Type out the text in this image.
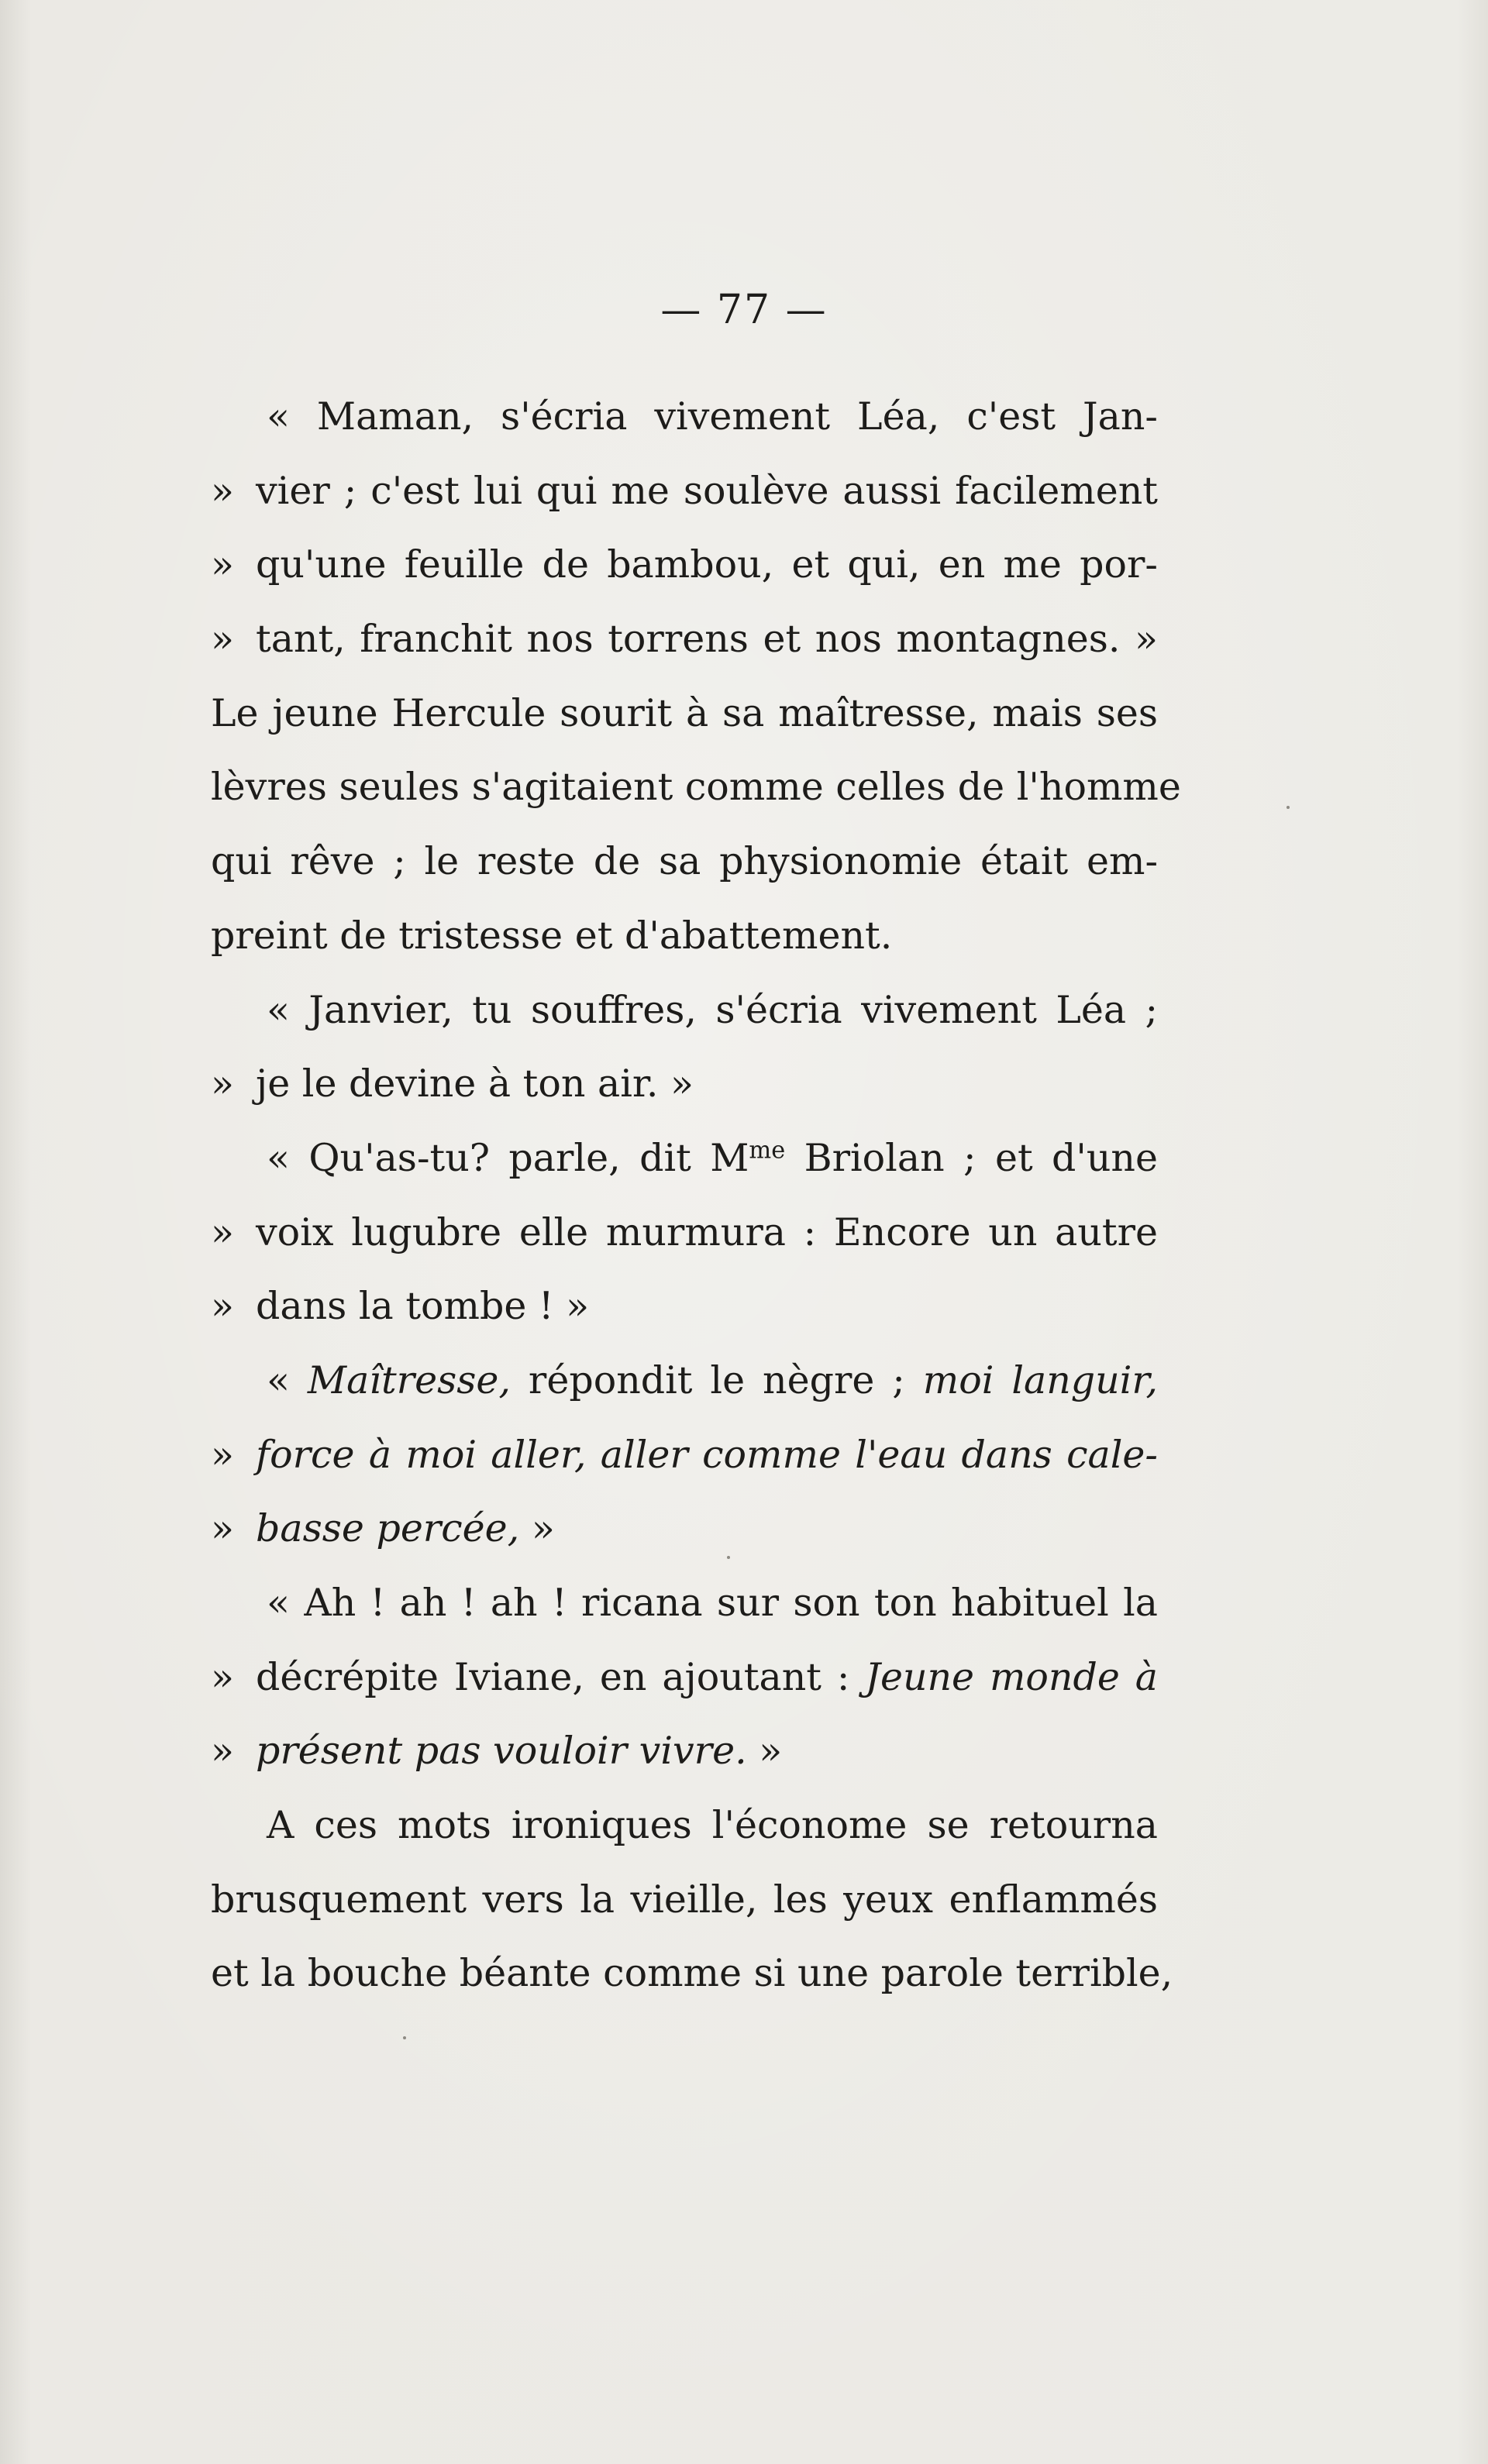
— 77 —
« Maman, s'écria vivement Léa, c'est Jan-
» vier ; c'est lui qui me soulève aussi facilement
» qu'une feuille de bambou, et qui, en me por-
» tant, franchit nos torrens et nos montagnes. »
Le jeune Hercule sourit à sa maîtresse, mais ses
lèvres seules s'agitaient comme celles de l'homme
qui rêve ; le reste de sa physionomie était em-
preint de tristesse et d'abattement.
« Janvier, tu souffres, s'écria vivement Léa ;
» je le devine à ton air. »
« Qu'as-tu? parle, dit $M^{me}$ Briolan ; et d'une
» voix lugubre elle murmura : Encore un autre
» dans la tombe ! »
« Maîtresse, répondit le nègre ; moi languir,
» force à moi aller, aller comme l'eau dans cale-
» basse percée, »
« Ah ! ah ! ah ! ricana sur son ton habituel la
» décrépite Iviane, en ajoutant : Jeune monde à
» présent pas vouloir vivre. »
A ces mots ironiques l'économe se retourna
brusquement vers la vieille, les yeux enflammés
et la bouche béante comme si une parole terrible,
